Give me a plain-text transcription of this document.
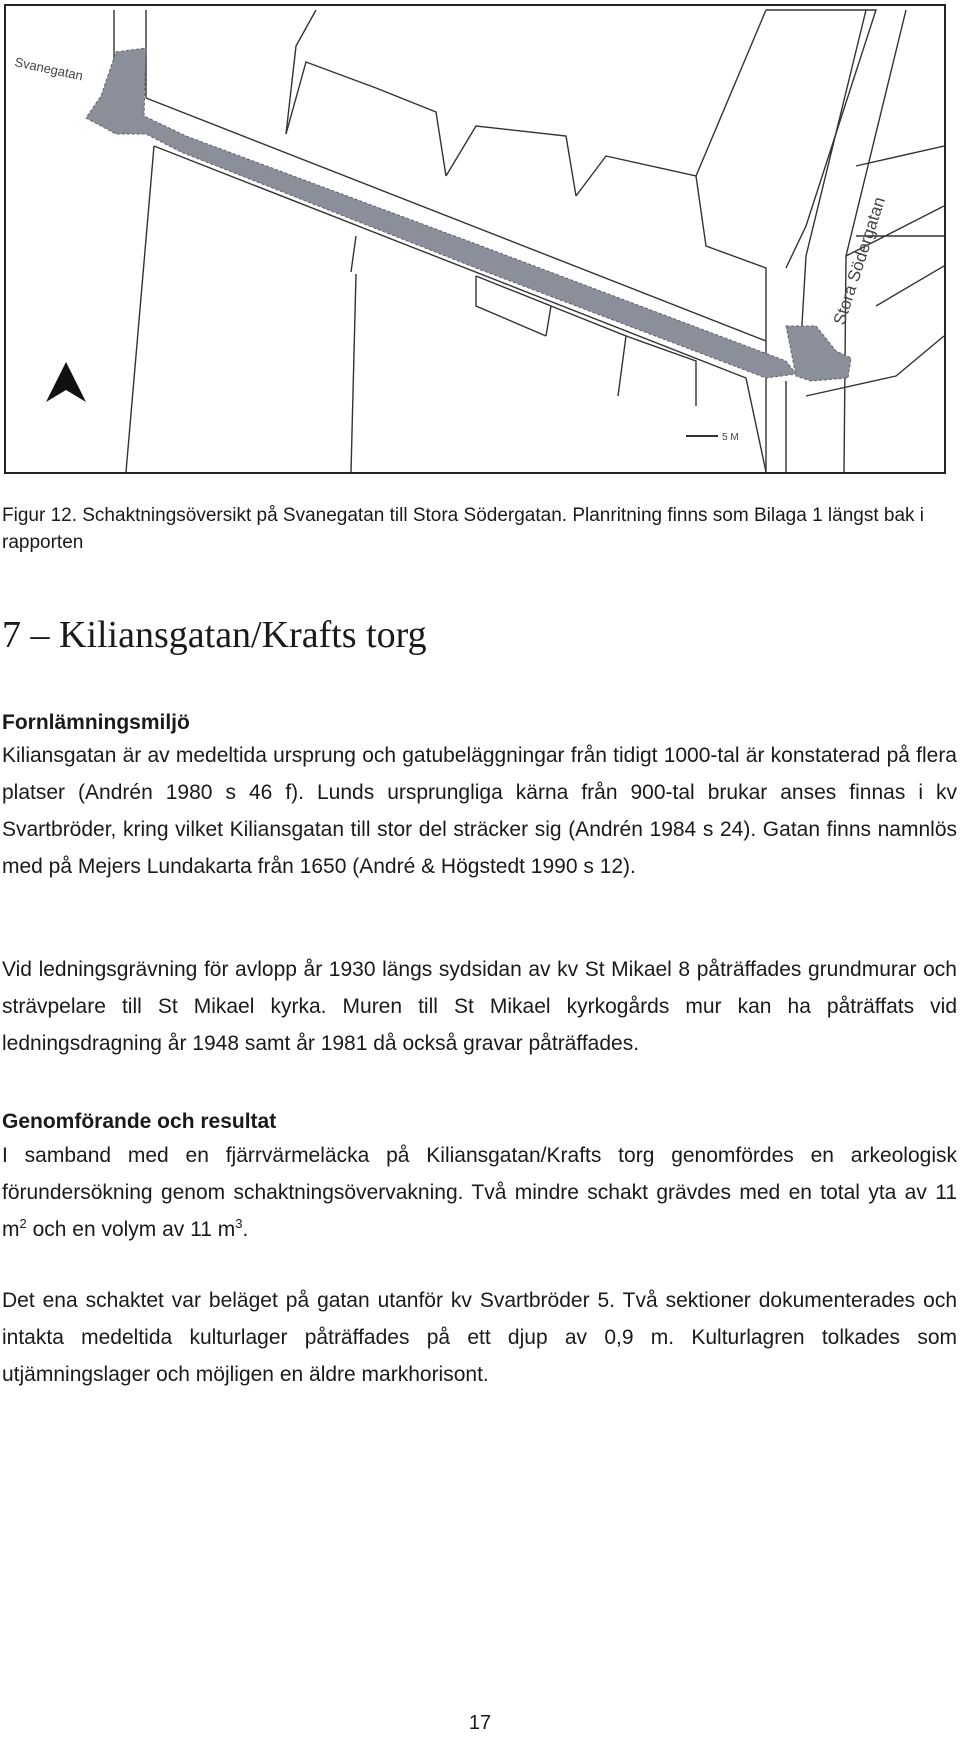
Svanegatan
Stora Södergatan
5 M
Figur 12. Schaktningsöversikt på Svanegatan till Stora Södergatan. Planritning finns som Bilaga 1 längst bak i rapporten
7 – Kiliansgatan/Krafts torg
Fornlämningsmiljö

Kiliansgatan är av medeltida ursprung och gatubeläggningar från tidigt 1000-tal är konstaterad på flera platser (Andrén 1980 s 46 f). Lunds ursprungliga kärna från 900-tal brukar anses finnas i kv Svartbröder, kring vilket Kiliansgatan till stor del sträcker sig (Andrén 1984 s 24). Gatan finns namnlös med på Mejers Lundakarta från 1650 (André & Högstedt 1990 s 12).

Vid ledningsgrävning för avlopp år 1930 längs sydsidan av kv St Mikael 8 påträffades grundmurar och strävpelare till St Mikael kyrka. Muren till St Mikael kyrkogårds mur kan ha påträffats vid ledningsdragning år 1948 samt år 1981 då också gravar påträffades.

Genomförande och resultat

I samband med en fjärrvärmeläcka på Kiliansgatan/Krafts torg genomfördes en arkeologisk förundersökning genom schaktningsövervakning. Två mindre schakt grävdes med en total yta av 11 $m^2$ och en volym av 11 $m^3$.

Det ena schaktet var beläget på gatan utanför kv Svartbröder 5. Två sektioner dokumenterades och intakta medeltida kulturlager påträffades på ett djup av 0,9 m. Kulturlagren tolkades som utjämningslager och möjligen en äldre markhorisont.

17
